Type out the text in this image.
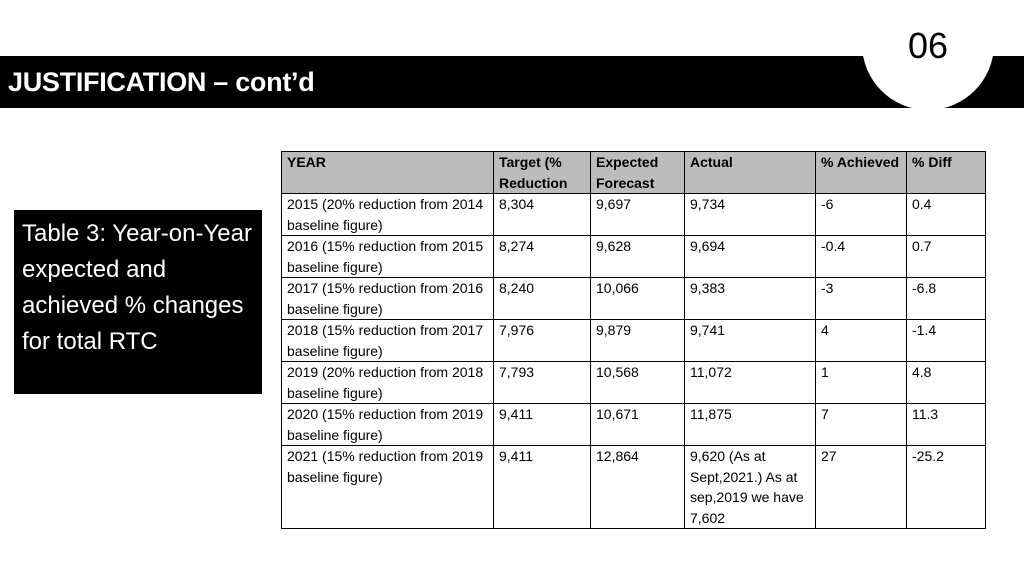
JUSTIFICATION – cont’d
06
Table 3: Year-on-Year expected and achieved % changes for total RTC
YEAR	Target (% Reduction	Expected Forecast	Actual	% Achieved	% Diff
2015 (20% reduction from 2014 baseline figure)	8,304	9,697	9,734	-6	0.4
2016 (15% reduction from 2015 baseline figure)	8,274	9,628	9,694	-0.4	0.7
2017 (15% reduction from 2016 baseline figure)	8,240	10,066	9,383	-3	-6.8
2018 (15% reduction from 2017 baseline figure)	7,976	9,879	9,741	4	-1.4
2019 (20% reduction from 2018 baseline figure)	7,793	10,568	11,072	1	4.8
2020 (15% reduction from 2019 baseline figure)	9,411	10,671	11,875	7	11.3
2021 (15% reduction from 2019 baseline figure)	9,411	12,864	9,620 (As at Sept,2021.) As at sep,2019 we have 7,602	27	-25.2
